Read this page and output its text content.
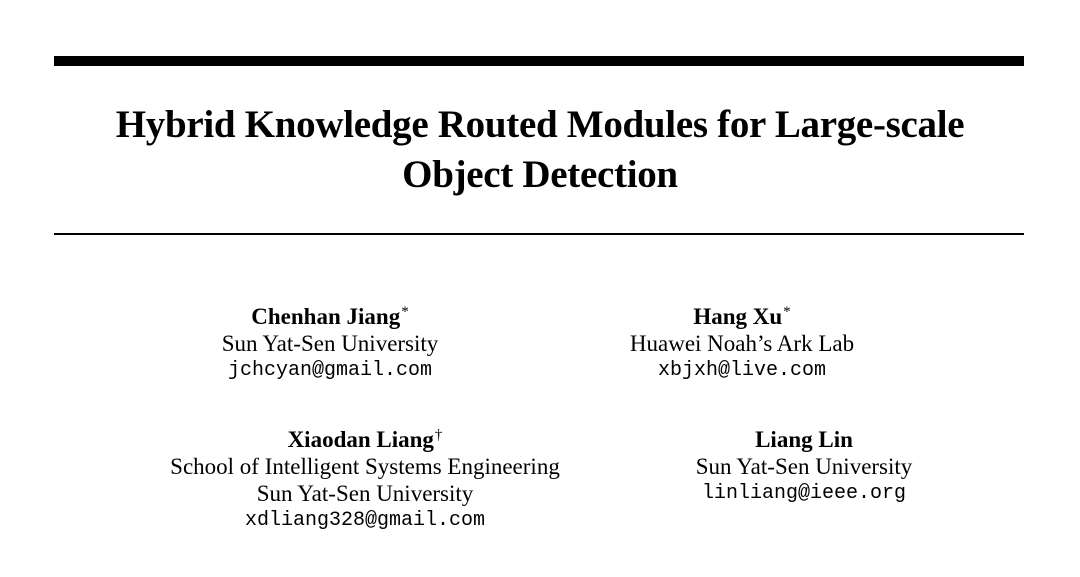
Hybrid Knowledge Routed Modules for Large-scale
Object Detection
Chenhan Jiang*
Sun Yat-Sen University
jchcyan@gmail.com
Hang Xu*
Huawei Noah’s Ark Lab
xbjxh@live.com
Xiaodan Liang†
School of Intelligent Systems Engineering
Sun Yat-Sen University
xdliang328@gmail.com
Liang Lin
Sun Yat-Sen University
linliang@ieee.org
